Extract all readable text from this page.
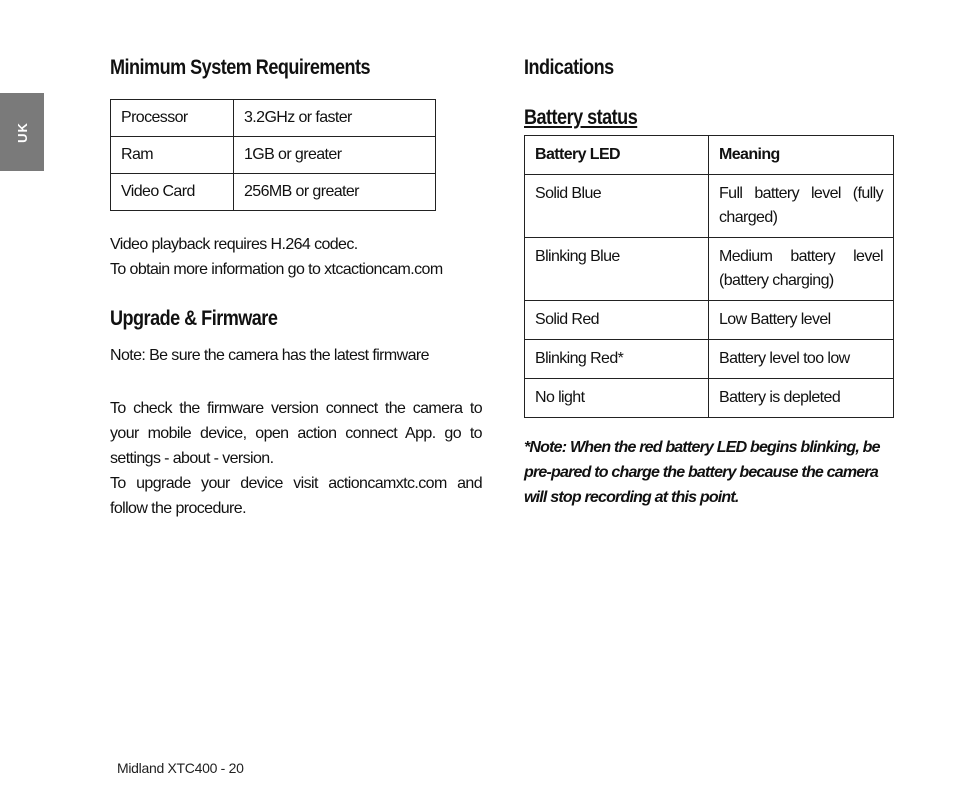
UK
Minimum System Requirements
Processor	3.2GHz or faster
Ram	1GB or greater
Video Card	256MB or greater

Video playback requires H.264 codec.

To obtain more information go to xtcactioncam.com

Upgrade & Firmware

Note: Be sure the camera has the latest firmware

To check the firmware version connect the camera to your mobile device, open action connect App. go to settings - about - version.

To upgrade your device visit actioncamxtc.com and follow the procedure.

Indications
Battery status
Battery LED	Meaning
Solid Blue	Full battery level (fully charged)
Blinking Blue	Medium battery level (battery charging)
Solid Red	Low Battery level
Blinking Red*	Battery level too low
No light	Battery is depleted

*Note: When the red battery LED begins blinking, be pre-pared to charge the battery because the camera will stop recording at this point.

Midland XTC400 - 20
